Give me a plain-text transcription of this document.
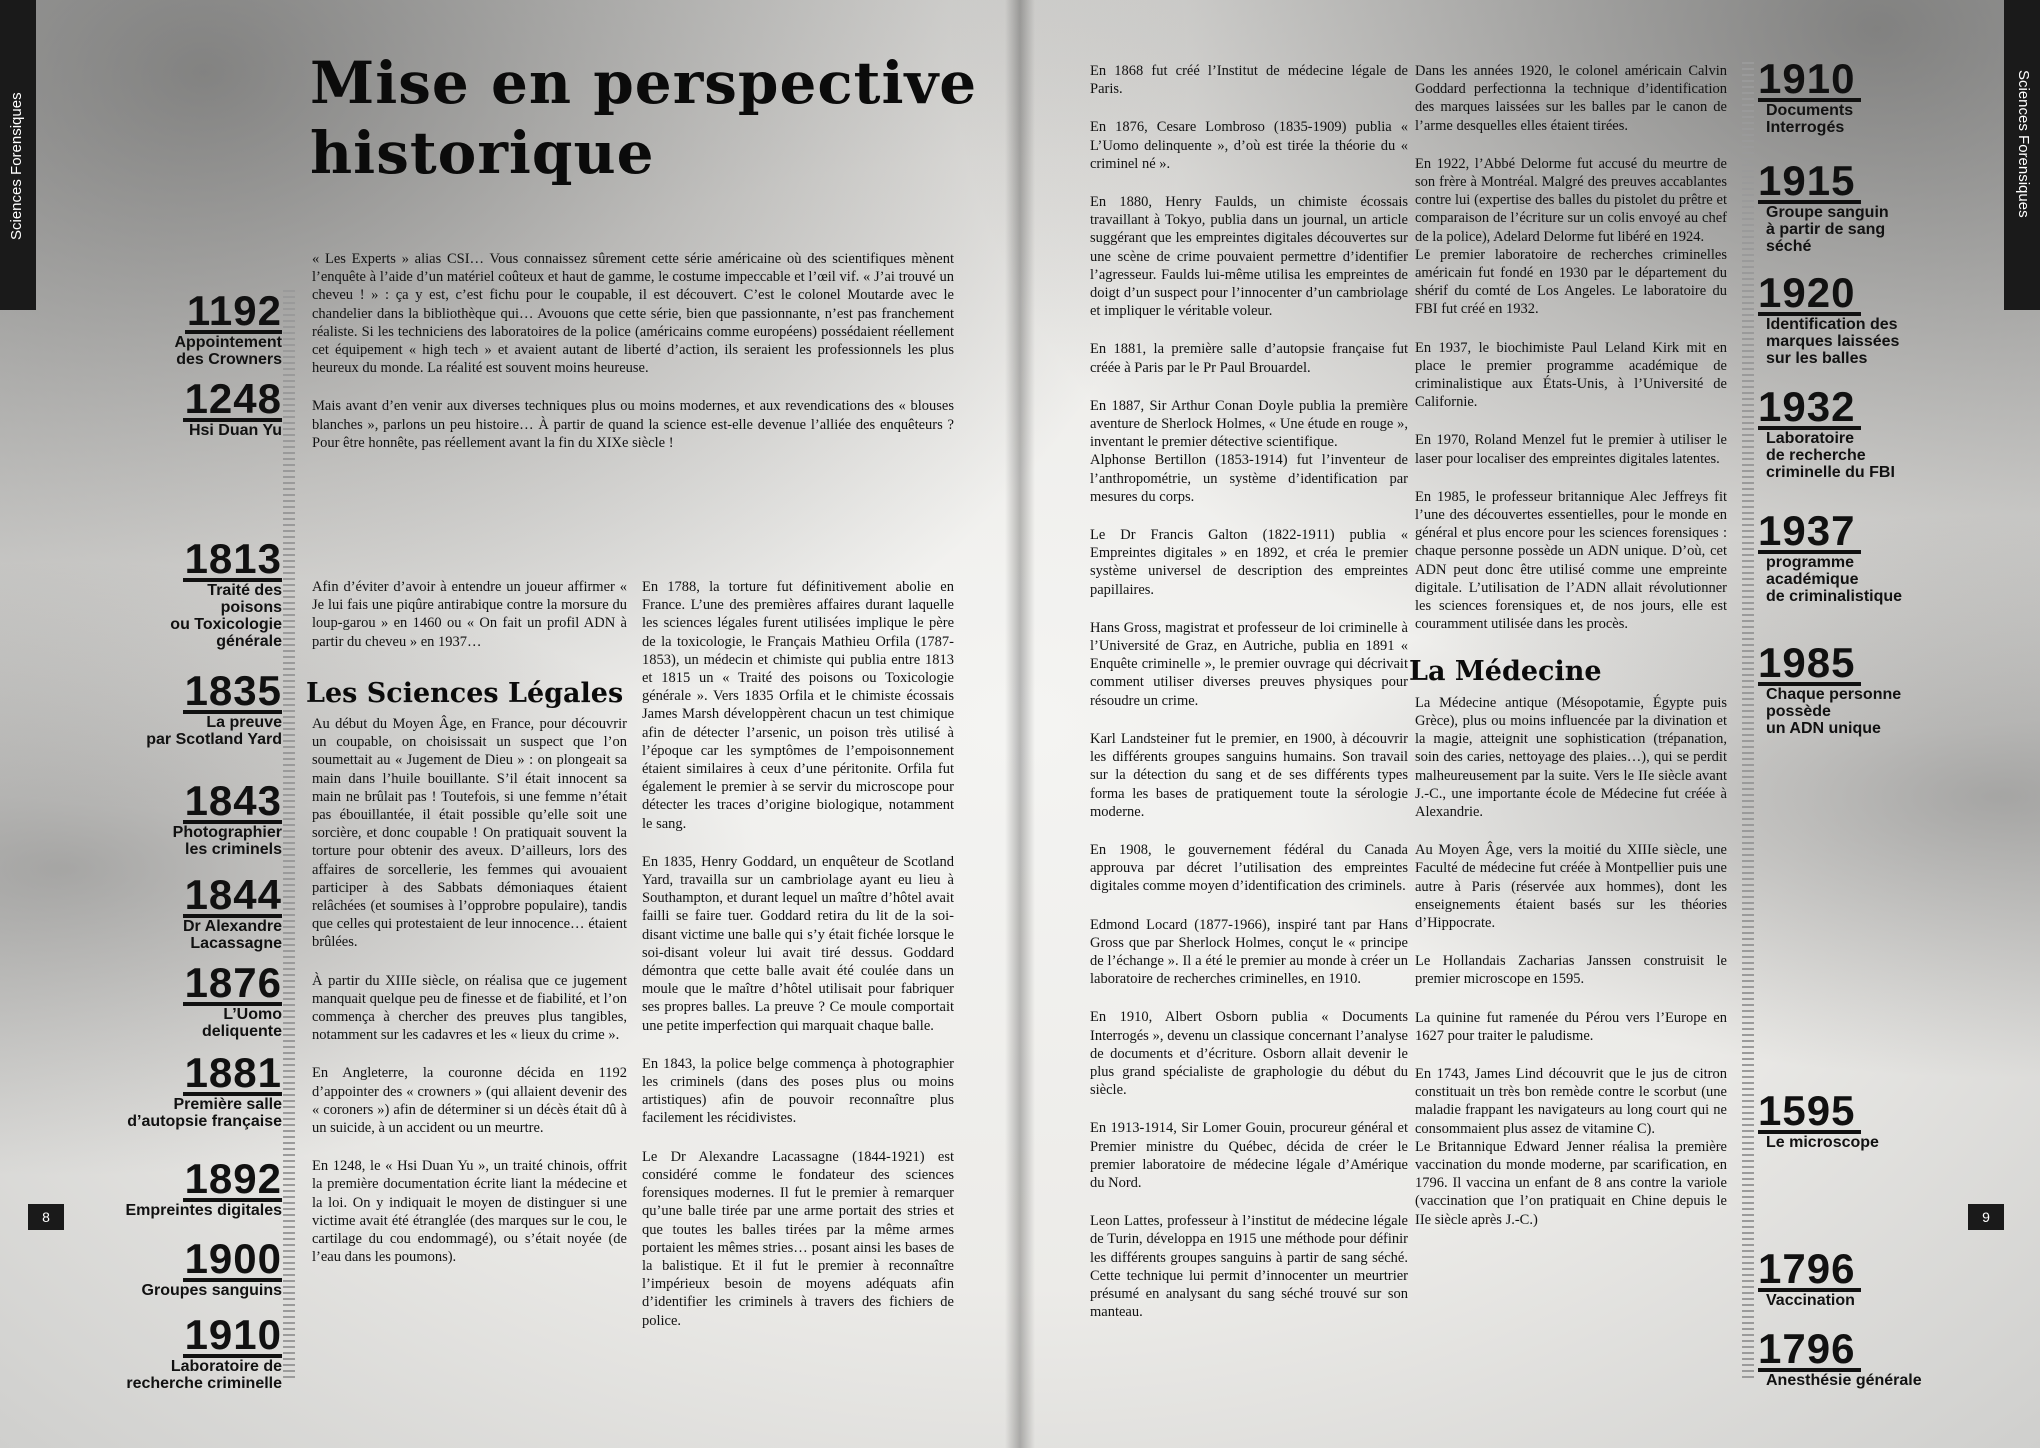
Sciences Forensiques	Sciences Forensiques
8	9
Mise en perspective
historique

« Les Experts » alias CSI… Vous connaissez sûrement cette série américaine où des scientifiques mènent l’enquête à l’aide d’un matériel coûteux et haut de gamme, le costume impeccable et l’œil vif. « J’ai trouvé un cheveu ! » : ça y est, c’est fichu pour le coupable, il est découvert. C’est le colonel Moutarde avec le chandelier dans la bibliothèque qui… Avouons que cette série, bien que passionnante, n’est pas franchement réaliste. Si les techniciens des laboratoires de la police (américains comme européens) possédaient réellement cet équipement « high tech » et avaient autant de liberté d’action, ils seraient les professionnels les plus heureux du monde. La réalité est souvent moins heureuse.

Mais avant d’en venir aux diverses techniques plus ou moins modernes, et aux revendications des « blouses blanches », parlons un peu histoire… À partir de quand la science est-elle devenue l’alliée des enquêteurs ? Pour être honnête, pas réellement avant la fin du XIXe siècle !

Afin d’éviter d’avoir à entendre un joueur affirmer « Je lui fais une piqûre antirabique contre la morsure du loup-garou » en 1460 ou « On fait un profil ADN à partir du cheveu » en 1937…

Les Sciences Légales

Au début du Moyen Âge, en France, pour découvrir un coupable, on choisissait un suspect que l’on soumettait au « Jugement de Dieu » : on plongeait sa main dans l’huile bouillante. S’il était innocent sa main ne brûlait pas ! Toutefois, si une femme n’était pas ébouillantée, il était possible qu’elle soit une sorcière, et donc coupable ! On pratiquait souvent la torture pour obtenir des aveux. D’ailleurs, lors des affaires de sorcellerie, les femmes qui avouaient participer à des Sabbats démoniaques étaient relâchées (et soumises à l’opprobre populaire), tandis que celles qui protestaient de leur innocence… étaient brûlées.

À partir du XIIIe siècle, on réalisa que ce jugement manquait quelque peu de finesse et de fiabilité, et l’on commença à chercher des preuves plus tangibles, notamment sur les cadavres et les « lieux du crime ».

En Angleterre, la couronne décida en 1192 d’appointer des « crowners » (qui allaient devenir des « coroners ») afin de déterminer si un décès était dû à un suicide, à un accident ou un meurtre.

En 1248, le « Hsi Duan Yu », un traité chinois, offrit la première documentation écrite liant la médecine et la loi. On y indiquait le moyen de distinguer si une victime avait été étranglée (des marques sur le cou, le cartilage du cou endommagé), ou s’était noyée (de l’eau dans les poumons).

En 1788, la torture fut définitivement abolie en France. L’une des premières affaires durant laquelle les sciences légales furent utilisées implique le père de la toxicologie, le Français Mathieu Orfila (1787-1853), un médecin et chimiste qui publia entre 1813 et 1815 un « Traité des poisons ou Toxicologie générale ». Vers 1835 Orfila et le chimiste écossais James Marsh développèrent chacun un test chimique afin de détecter l’arsenic, un poison très utilisé à l’époque car les symptômes de l’empoisonnement étaient similaires à ceux d’une péritonite. Orfila fut également le premier à se servir du microscope pour détecter les traces d’origine biologique, notamment le sang.

En 1835, Henry Goddard, un enquêteur de Scotland Yard, travailla sur un cambriolage ayant eu lieu à Southampton, et durant lequel un maître d’hôtel avait failli se faire tuer. Goddard retira du lit de la soi-disant victime une balle qui s’y était fichée lorsque le soi-disant voleur lui avait tiré dessus. Goddard démontra que cette balle avait été coulée dans un moule que le maître d’hôtel utilisait pour fabriquer ses propres balles. La preuve ? Ce moule comportait une petite imperfection qui marquait chaque balle.

En 1843, la police belge commença à photographier les criminels (dans des poses plus ou moins artistiques) afin de pouvoir reconnaître plus facilement les récidivistes.

Le Dr Alexandre Lacassagne (1844-1921) est considéré comme le fondateur des sciences forensiques modernes. Il fut le premier à remarquer qu’une balle tirée par une arme portait des stries et que toutes les balles tirées par la même armes portaient les mêmes stries… posant ainsi les bases de la balistique. Et il fut le premier à reconnaître l’impérieux besoin de moyens adéquats afin d’identifier les criminels à travers des fichiers de police.

En 1868 fut créé l’Institut de médecine légale de Paris.

En 1876, Cesare Lombroso (1835-1909) publia « L’Uomo delinquente », d’où est tirée la théorie du « criminel né ».

En 1880, Henry Faulds, un chimiste écossais travaillant à Tokyo, publia dans un journal, un article suggérant que les empreintes digitales découvertes sur une scène de crime pouvaient permettre d’identifier l’agresseur. Faulds lui-même utilisa les empreintes de doigt d’un suspect pour l’innocenter d’un cambriolage et impliquer le véritable voleur.

En 1881, la première salle d’autopsie française fut créée à Paris par le Pr Paul Brouardel.

En 1887, Sir Arthur Conan Doyle publia la première aventure de Sherlock Holmes, « Une étude en rouge », inventant le premier détective scientifique.

Alphonse Bertillon (1853-1914) fut l’inventeur de l’anthropométrie, un système d’identification par mesures du corps.

Le Dr Francis Galton (1822-1911) publia « Empreintes digitales » en 1892, et créa le premier système universel de description des empreintes papillaires.

Hans Gross, magistrat et professeur de loi criminelle à l’Université de Graz, en Autriche, publia en 1891 « Enquête criminelle », le premier ouvrage qui décrivait comment utiliser diverses preuves physiques pour résoudre un crime.

Karl Landsteiner fut le premier, en 1900, à découvrir les différents groupes sanguins humains. Son travail sur la détection du sang et de ses différents types forma les bases de pratiquement toute la sérologie moderne.

En 1908, le gouvernement fédéral du Canada approuva par décret l’utilisation des empreintes digitales comme moyen d’identification des criminels.

Edmond Locard (1877-1966), inspiré tant par Hans Gross que par Sherlock Holmes, conçut le « principe de l’échange ». Il a été le premier au monde à créer un laboratoire de recherches criminelles, en 1910.

En 1910, Albert Osborn publia « Documents Interrogés », devenu un classique concernant l’analyse de documents et d’écriture. Osborn allait devenir le plus grand spécialiste de graphologie du début du siècle.

En 1913-1914, Sir Lomer Gouin, procureur général et Premier ministre du Québec, décida de créer le premier laboratoire de médecine légale d’Amérique du Nord.

Leon Lattes, professeur à l’institut de médecine légale de Turin, développa en 1915 une méthode pour définir les différents groupes sanguins à partir de sang séché. Cette technique lui permit d’innocenter un meurtrier présumé en analysant du sang séché trouvé sur son manteau.

Dans les années 1920, le colonel américain Calvin Goddard perfectionna la technique d’identification des marques laissées sur les balles par le canon de l’arme desquelles elles étaient tirées.

En 1922, l’Abbé Delorme fut accusé du meurtre de son frère à Montréal. Malgré des preuves accablantes contre lui (expertise des balles du pistolet du prêtre et comparaison de l’écriture sur un colis envoyé au chef de la police), Adelard Delorme fut libéré en 1924.

Le premier laboratoire de recherches criminelles américain fut fondé en 1930 par le département du shérif du comté de Los Angeles. Le laboratoire du FBI fut créé en 1932.

En 1937, le biochimiste Paul Leland Kirk mit en place le premier programme académique de criminalistique aux États-Unis, à l’Université de Californie.

En 1970, Roland Menzel fut le premier à utiliser le laser pour localiser des empreintes digitales latentes.

En 1985, le professeur britannique Alec Jeffreys fit l’une des découvertes essentielles, pour le monde en général et plus encore pour les sciences forensiques : chaque personne possède un ADN unique. D’où, cet ADN peut donc être utilisé comme une empreinte digitale. L’utilisation de l’ADN allait révolutionner les sciences forensiques et, de nos jours, elle est couramment utilisée dans les procès.

La Médecine

La Médecine antique (Mésopotamie, Égypte puis Grèce), plus ou moins influencée par la divination et la magie, atteignit une sophistication (trépanation, soin des caries, nettoyage des plaies…), qui se perdit malheureusement par la suite. Vers le IIe siècle avant J.-C., une importante école de Médecine fut créée à Alexandrie.

Au Moyen Âge, vers la moitié du XIIIe siècle, une Faculté de médecine fut créée à Montpellier puis une autre à Paris (réservée aux hommes), dont les enseignements étaient basés sur les théories d’Hippocrate.

Le Hollandais Zacharias Janssen construisit le premier microscope en 1595.

La quinine fut ramenée du Pérou vers l’Europe en 1627 pour traiter le paludisme.

En 1743, James Lind découvrit que le jus de citron constituait un très bon remède contre le scorbut (une maladie frappant les navigateurs au long court qui ne consommaient plus assez de vitamine C).

Le Britannique Edward Jenner réalisa la première vaccination du monde moderne, par scarification, en 1796. Il vaccina un enfant de 8 ans contre la variole (vaccination que l’on pratiquait en Chine depuis le IIe siècle après J.-C.)

1192
Appointement
des Crowners
1248
Hsi Duan Yu
1813
Traité des
poisons
ou Toxicologie
générale
1835
La preuve
par Scotland Yard
1843
Photographier
les criminels
1844
Dr Alexandre
Lacassagne
1876
L’Uomo
deliquente
1881
Première salle
d’autopsie française
1892
Empreintes digitales
1900
Groupes sanguins
1910
Laboratoire de
recherche criminelle
1910
Documents
Interrogés
1915
Groupe sanguin
à partir de sang
séché
1920
Identification des
marques laissées
sur les balles
1932
Laboratoire
de recherche
criminelle du FBI
1937
programme
académique
de criminalistique
1985
Chaque personne
possède
un ADN unique
1595
Le microscope
1796
Vaccination
1796
Anesthésie générale
